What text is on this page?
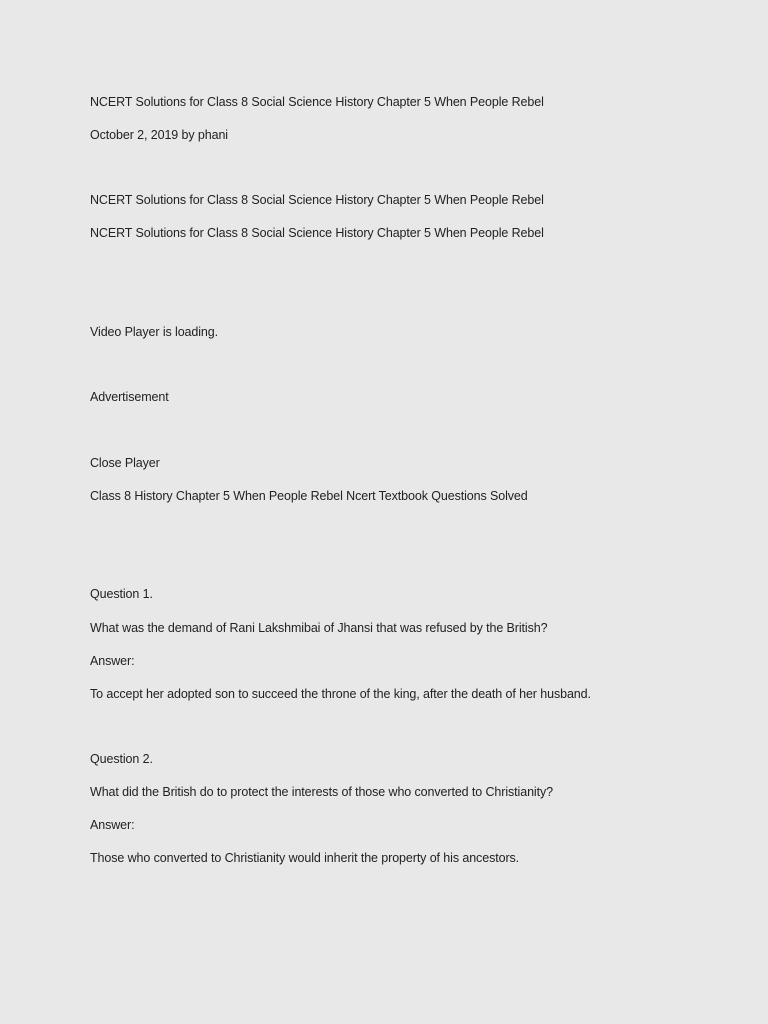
NCERT Solutions for Class 8 Social Science History Chapter 5 When People Rebel
October 2, 2019 by phani
NCERT Solutions for Class 8 Social Science History Chapter 5 When People Rebel
NCERT Solutions for Class 8 Social Science History Chapter 5 When People Rebel
Video Player is loading.
Advertisement
Close Player
Class 8 History Chapter 5 When People Rebel Ncert Textbook Questions Solved
Question 1.
What was the demand of Rani Lakshmibai of Jhansi that was refused by the British?
Answer:
To accept her adopted son to succeed the throne of the king, after the death of her husband.
Question 2.
What did the British do to protect the interests of those who converted to Christianity?
Answer:
Those who converted to Christianity would inherit the property of his ancestors.
